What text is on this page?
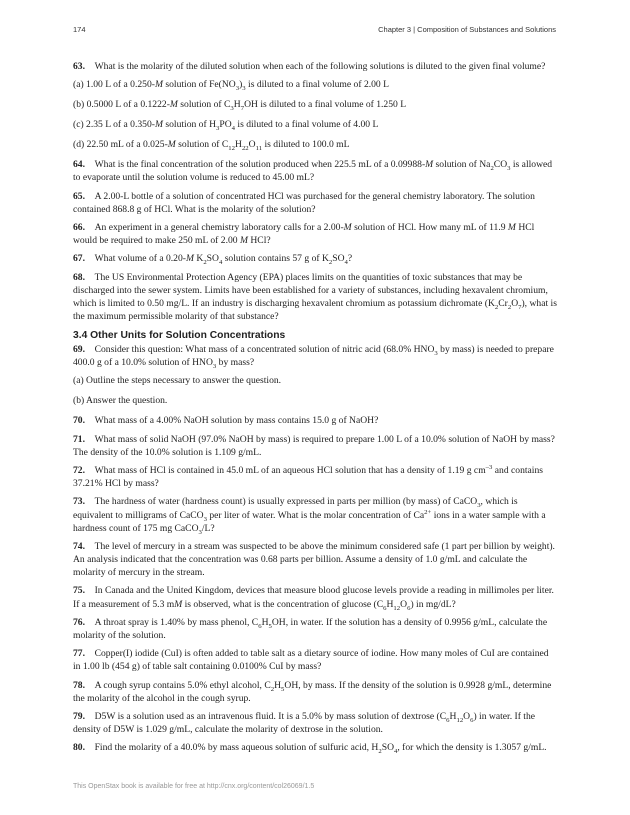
174	Chapter 3 | Composition of Substances and Solutions

63.  What is the molarity of the diluted solution when each of the following solutions is diluted to the given final volume?

(a) 1.00 L of a 0.250-M solution of $Fe(NO_3)_3$ is diluted to a final volume of 2.00 L

(b) 0.5000 L of a 0.1222-M solution of $C_3H_7OH$ is diluted to a final volume of 1.250 L

(c) 2.35 L of a 0.350-M solution of $H_3PO_4$ is diluted to a final volume of 4.00 L

(d) 22.50 mL of a 0.025-M solution of $C_{12}H_{22}O_{11}$ is diluted to 100.0 mL

64.  What is the final concentration of the solution produced when 225.5 mL of a 0.09988-M solution of $Na_2CO_3$ is allowed to evaporate until the solution volume is reduced to 45.00 mL?

65.  A 2.00-L bottle of a solution of concentrated HCl was purchased for the general chemistry laboratory. The solution contained 868.8 g of HCl. What is the molarity of the solution?

66.  An experiment in a general chemistry laboratory calls for a 2.00-M solution of HCl. How many mL of 11.9 M HCl would be required to make 250 mL of 2.00 M HCl?

67.  What volume of a 0.20-M $K_2SO_4$ solution contains 57 g of $K_2SO_4$?

68.  The US Environmental Protection Agency (EPA) places limits on the quantities of toxic substances that may be discharged into the sewer system. Limits have been established for a variety of substances, including hexavalent chromium, which is limited to 0.50 mg/L. If an industry is discharging hexavalent chromium as potassium dichromate $(K_2Cr_2O_7)$, what is the maximum permissible molarity of that substance?

3.4 Other Units for Solution Concentrations

69.  Consider this question: What mass of a concentrated solution of nitric acid (68.0% $HNO_3$ by mass) is needed to prepare 400.0 g of a 10.0% solution of $HNO_3$ by mass?

(a) Outline the steps necessary to answer the question.

(b) Answer the question.

70.  What mass of a 4.00% NaOH solution by mass contains 15.0 g of NaOH?

71.  What mass of solid NaOH (97.0% NaOH by mass) is required to prepare 1.00 L of a 10.0% solution of NaOH by mass? The density of the 10.0% solution is 1.109 g/mL.

72.  What mass of HCl is contained in 45.0 mL of an aqueous HCl solution that has a density of 1.19 g $cm^{-3}$ and contains 37.21% HCl by mass?

73.  The hardness of water (hardness count) is usually expressed in parts per million (by mass) of CaCO$_3$, which is equivalent to milligrams of CaCO$_3$ per liter of water. What is the molar concentration of $Ca^{2+}$ ions in a water sample with a hardness count of 175 mg CaCO$_3$/L?

74.  The level of mercury in a stream was suspected to be above the minimum considered safe (1 part per billion by weight). An analysis indicated that the concentration was 0.68 parts per billion. Assume a density of 1.0 g/mL and calculate the molarity of mercury in the stream.

75.  In Canada and the United Kingdom, devices that measure blood glucose levels provide a reading in millimoles per liter. If a measurement of 5.3 mM is observed, what is the concentration of glucose $(C_6H_{12}O_6)$ in mg/dL?

76.  A throat spray is 1.40% by mass phenol, $C_6H_5OH$, in water. If the solution has a density of 0.9956 g/mL, calculate the molarity of the solution.

77.  Copper(I) iodide (CuI) is often added to table salt as a dietary source of iodine. How many moles of CuI are contained in 1.00 lb (454 g) of table salt containing 0.0100% CuI by mass?

78.  A cough syrup contains 5.0% ethyl alcohol, $C_2H_5OH$, by mass. If the density of the solution is 0.9928 g/mL, determine the molarity of the alcohol in the cough syrup.

79.  D5W is a solution used as an intravenous fluid. It is a 5.0% by mass solution of dextrose $(C_6H_{12}O_6)$ in water. If the density of D5W is 1.029 g/mL, calculate the molarity of dextrose in the solution.

80.  Find the molarity of a 40.0% by mass aqueous solution of sulfuric acid, $H_2SO_4$, for which the density is 1.3057 g/mL.

This OpenStax book is available for free at http://cnx.org/content/col26069/1.5
